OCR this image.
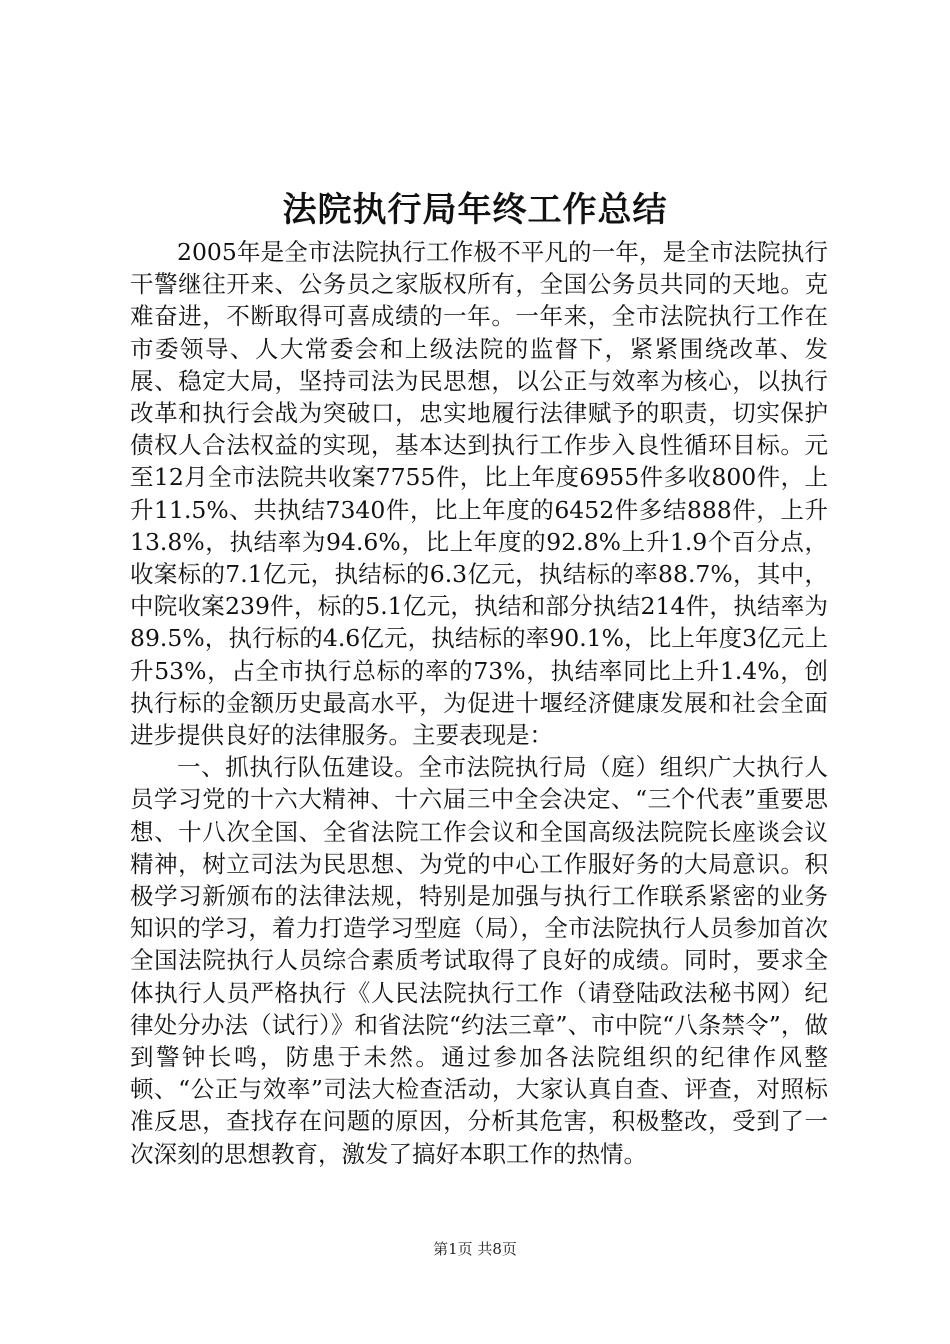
法院执行局年终工作总结

2005年是全市法院执行工作极不平凡的一年，是全市法院执行干警继往开来、公务员之家版权所有，全国公务员共同的天地。克难奋进，不断取得可喜成绩的一年。一年来，全市法院执行工作在市委领导、人大常委会和上级法院的监督下，紧紧围绕改革、发展、稳定大局，坚持司法为民思想，以公正与效率为核心，以执行改革和执行会战为突破口，忠实地履行法律赋予的职责，切实保护债权人合法权益的实现，基本达到执行工作步入良性循环目标。元至12月全市法院共收案7755件，比上年度6955件多收800件，上升11.5%、共执结7340件，比上年度的6452件多结888件，上升13.8%，执结率为94.6%，比上年度的92.8%上升1.9个百分点，收案标的7.1亿元，执结标的6.3亿元，执结标的率88.7%，其中，中院收案239件，标的5.1亿元，执结和部分执结214件，执结率为89.5%，执行标的4.6亿元，执结标的率90.1%，比上年度3亿元上升53%，占全市执行总标的率的73%，执结率同比上升1.4%，创执行标的金额历史最高水平，为促进十堰经济健康发展和社会全面进步提供良好的法律服务。主要表现是：

一、抓执行队伍建设。全市法院执行局（庭）组织广大执行人员学习党的十六大精神、十六届三中全会决定、“三个代表”重要思想、十八次全国、全省法院工作会议和全国高级法院院长座谈会议精神，树立司法为民思想、为党的中心工作服好务的大局意识。积极学习新颁布的法律法规，特别是加强与执行工作联系紧密的业务知识的学习，着力打造学习型庭（局），全市法院执行人员参加首次全国法院执行人员综合素质考试取得了良好的成绩。同时，要求全体执行人员严格执行《人民法院执行工作（请登陆政法秘书网）纪律处分办法（试行）》和省法院“约法三章”、市中院“八条禁令”，做到警钟长鸣，防患于未然。通过参加各法院组织的纪律作风整顿、“公正与效率”司法大检查活动，大家认真自查、评查，对照标准反思，查找存在问题的原因，分析其危害，积极整改，受到了一次深刻的思想教育，激发了搞好本职工作的热情。

第1页 共8页
